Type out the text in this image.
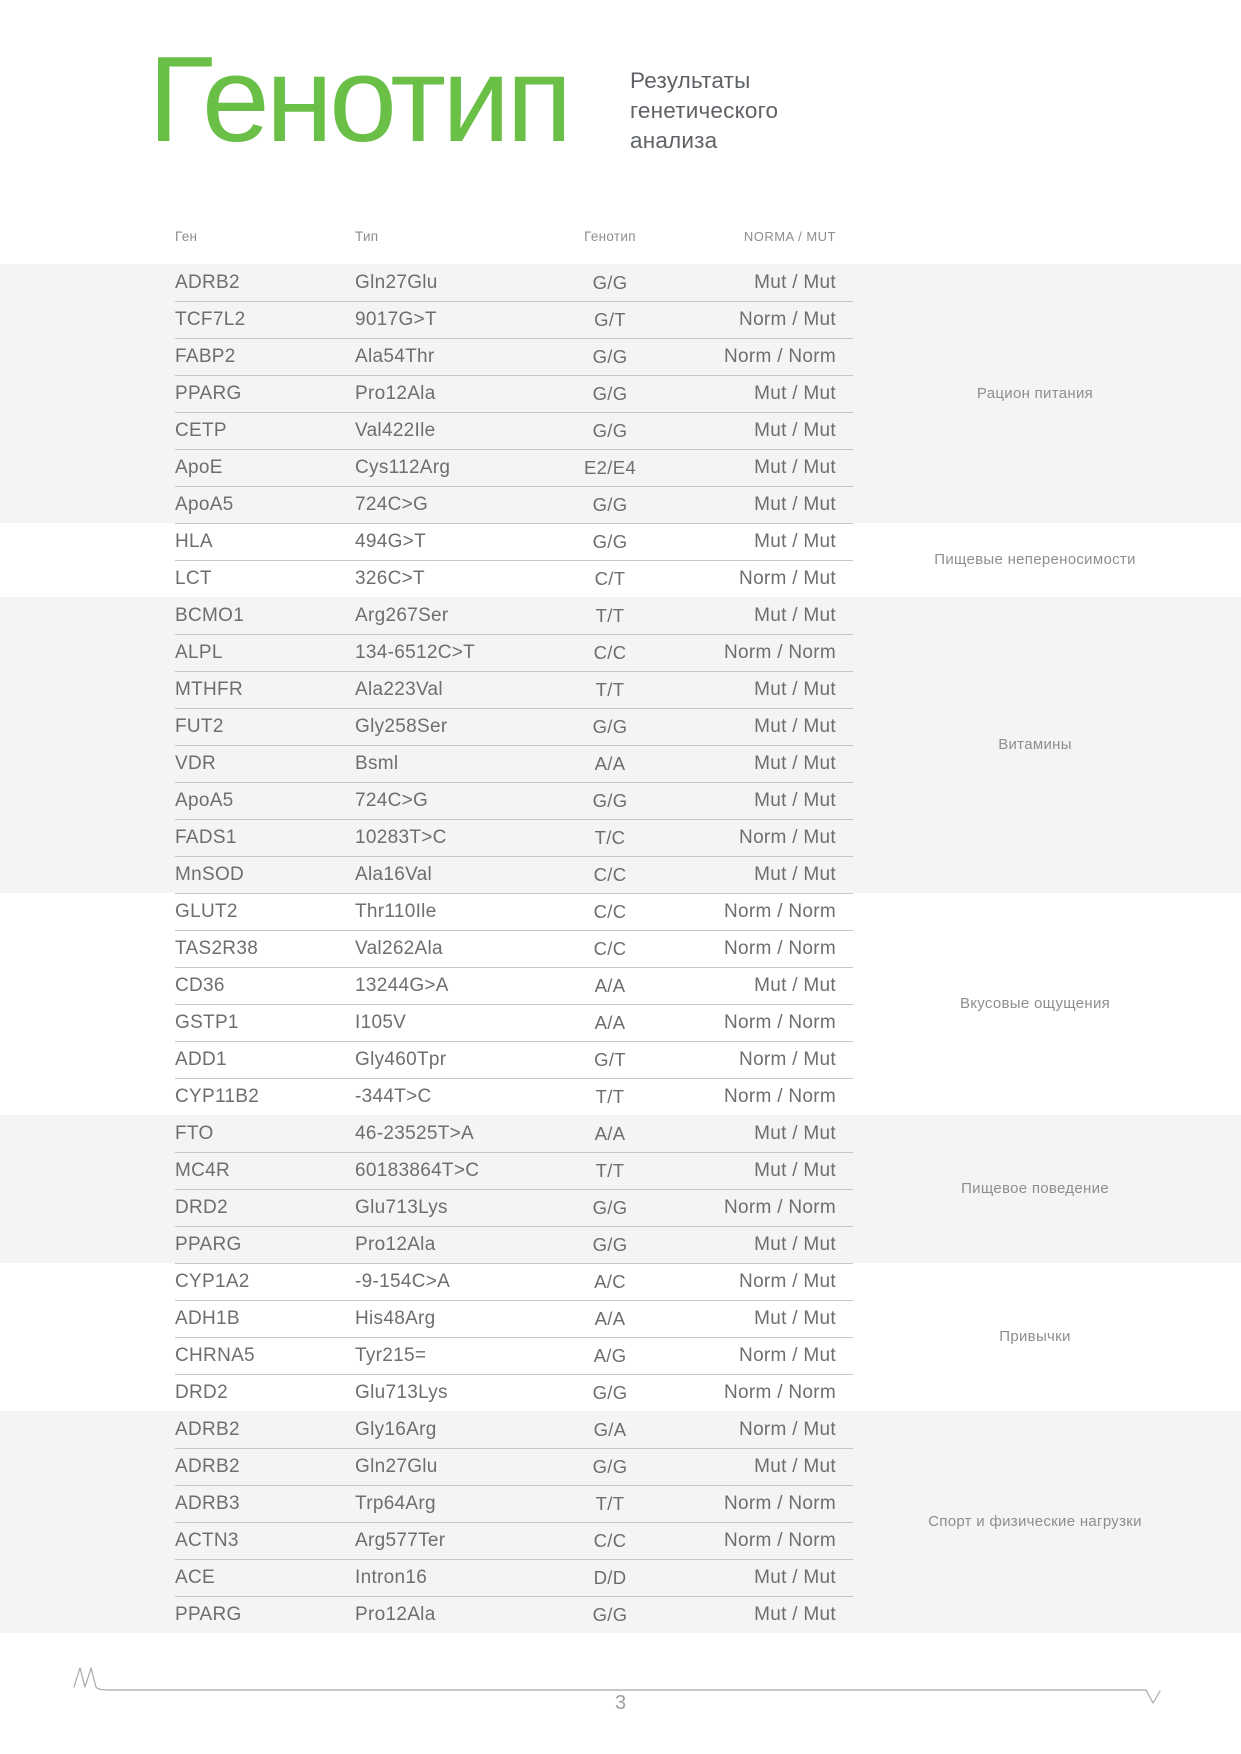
Генотип	Результаты
генетического
анализа
Ген	Тип	Генотип	NORMA / MUT
Рацион питания
ADRB2	Gln27Glu	G/G	Mut / Mut
TCF7L2	9017G>T	G/T	Norm / Mut
FABP2	Ala54Thr	G/G	Norm / Norm
PPARG	Pro12Ala	G/G	Mut / Mut
CETP	Val422Ile	G/G	Mut / Mut
ApoE	Cys112Arg	E2/E4	Mut / Mut
ApoA5	724C>G	G/G	Mut / Mut
Пищевые непереносимости
HLA	494G>T	G/G	Mut / Mut
LCT	326C>T	C/T	Norm / Mut
Витамины
BCMO1	Arg267Ser	T/T	Mut / Mut
ALPL	134-6512C>T	C/C	Norm / Norm
MTHFR	Ala223Val	T/T	Mut / Mut
FUT2	Gly258Ser	G/G	Mut / Mut
VDR	Bsml	A/A	Mut / Mut
ApoA5	724C>G	G/G	Mut / Mut
FADS1	10283T>C	T/C	Norm / Mut
MnSOD	Ala16Val	C/C	Mut / Mut
Вкусовые ощущения
GLUT2	Thr110Ile	C/C	Norm / Norm
TAS2R38	Val262Ala	C/C	Norm / Norm
CD36	13244G>A	A/A	Mut / Mut
GSTP1	I105V	A/A	Norm / Norm
ADD1	Gly460Tpr	G/T	Norm / Mut
CYP11B2	-344T>C	T/T	Norm / Norm
Пищевое поведение
FTO	46-23525T>A	A/A	Mut / Mut
MC4R	60183864T>C	T/T	Mut / Mut
DRD2	Glu713Lys	G/G	Norm / Norm
PPARG	Pro12Ala	G/G	Mut / Mut
Привычки
CYP1A2	-9-154C>A	A/C	Norm / Mut
ADH1B	His48Arg	A/A	Mut / Mut
CHRNA5	Tyr215=	A/G	Norm / Mut
DRD2	Glu713Lys	G/G	Norm / Norm
Спорт и физические нагрузки
ADRB2	Gly16Arg	G/A	Norm / Mut
ADRB2	Gln27Glu	G/G	Mut / Mut
ADRB3	Trp64Arg	T/T	Norm / Norm
ACTN3	Arg577Ter	C/C	Norm / Norm
ACE	Intron16	D/D	Mut / Mut
PPARG	Pro12Ala	G/G	Mut / Mut
3
